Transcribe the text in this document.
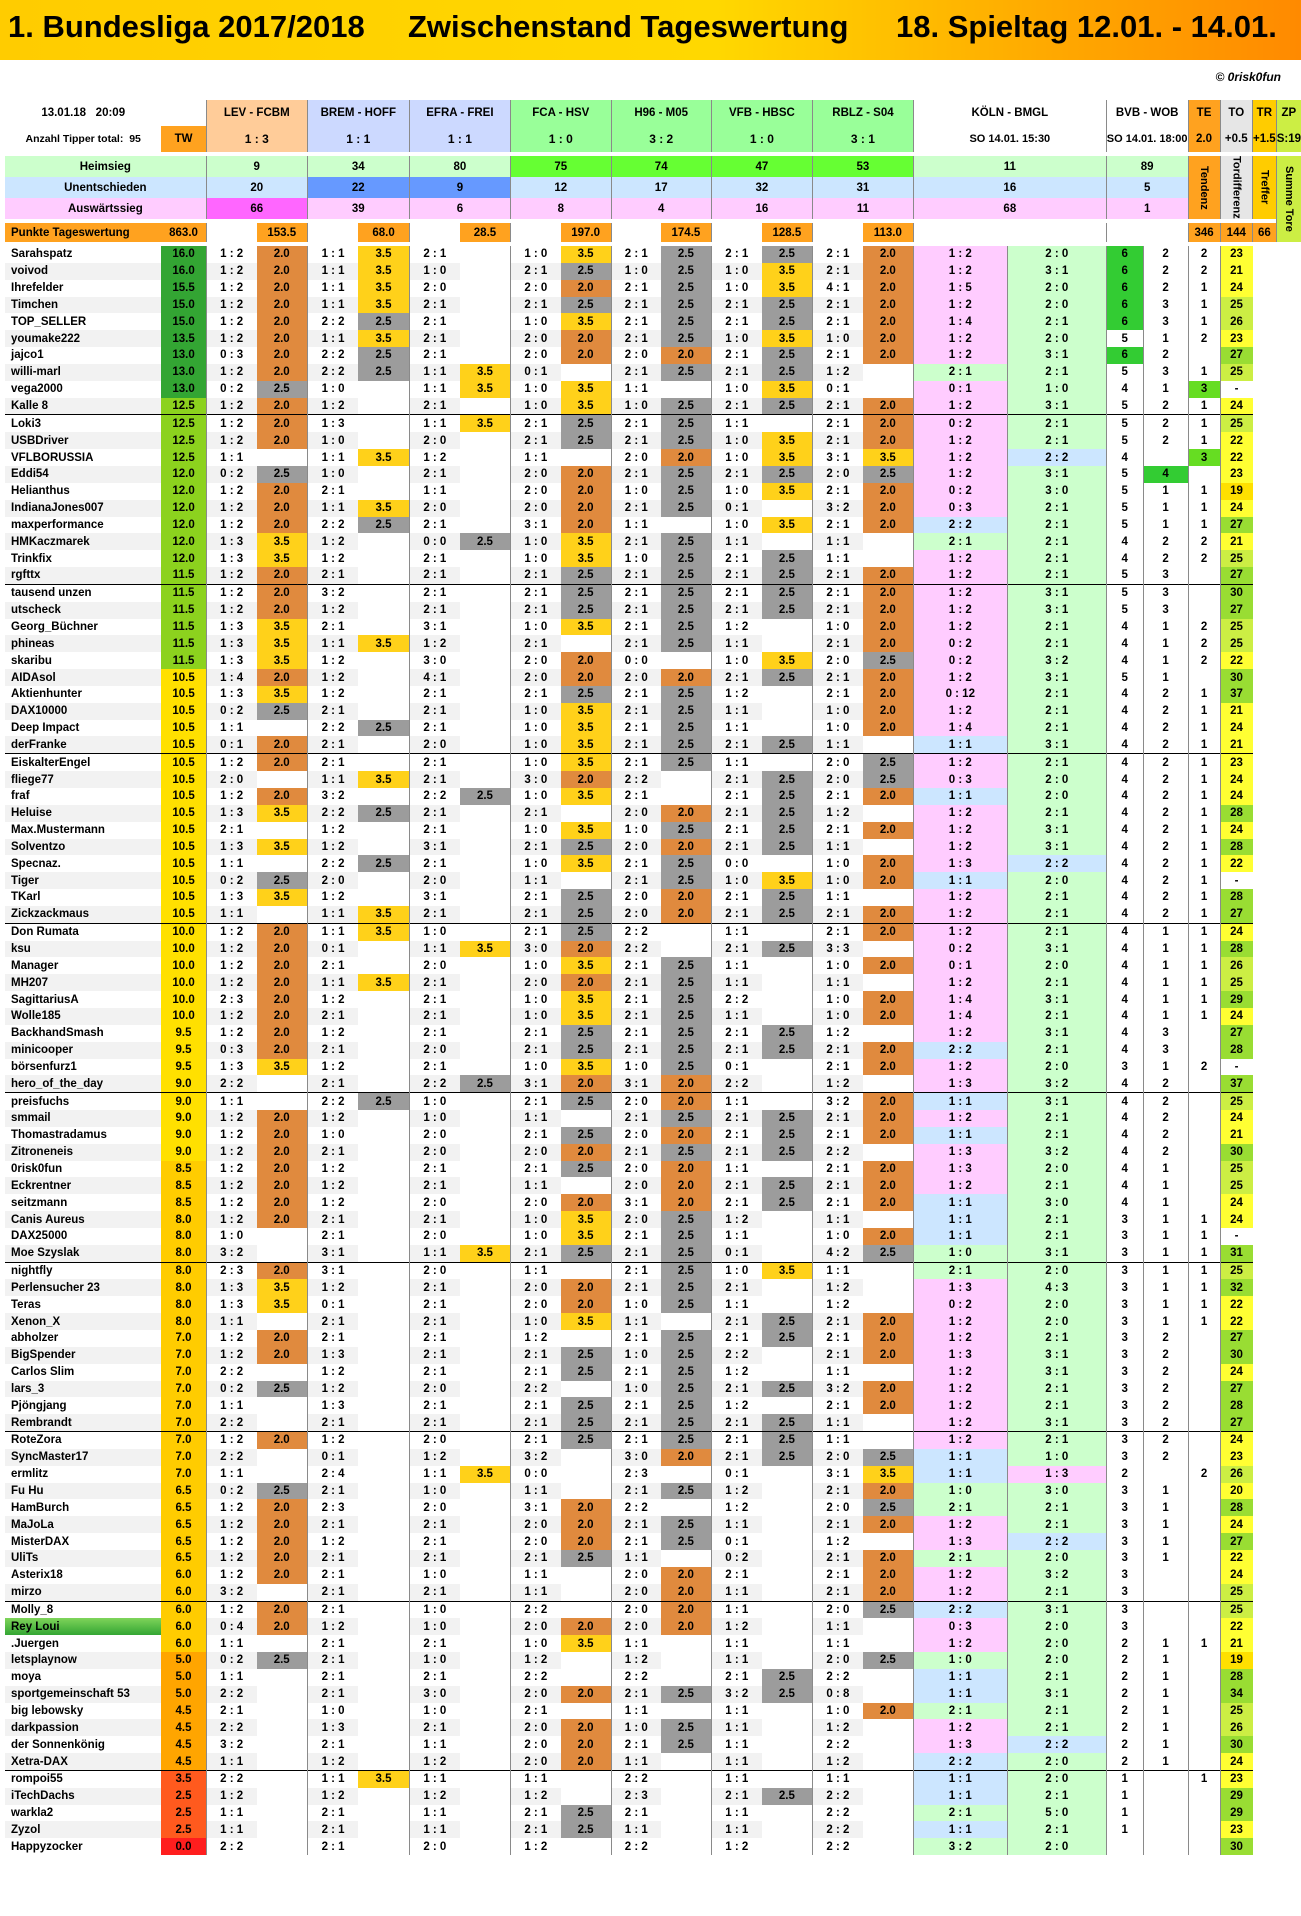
1. Bundesliga 2017/2018 Zwischenstand Tageswertung 18. Spieltag 12.01. - 14.01.
© 0risk0fun
13.01.18 20:09		LEV - FCBM		BREM - HOFF		EFRA - FREI		FCA - HSV		H96 - M05		VFB - HBSC		RBLZ - S04		KÖLN - BMGL		BVB - WOB		TE	TO	TR	ZP
Anzahl Tipper total: 95	TW	1 : 3		1 : 1		1 : 1		1 : 0		3 : 2		1 : 0		3 : 1		SO 14.01. 15:30		SO 14.01. 18:00		2.0	+0.5	+1.5	S:19

Heimsieg		9		34		80		75		74		47		53		11		89		Tendenz	Tordifferenz	Treffer	Summe Tore
Unentschieden		20		22		9		12		17		32		31		16		5					
Auswärtssieg		66		39		6		8		4		16		11		68		1					

Punkte Tageswertung	863.0		153.5		68.0		28.5		197.0		174.5		128.5		113.0					346	144	66	

Sarahspatz	16.0	1 : 2	2.0	1 : 1	3.5	2 : 1		1 : 0	3.5	2 : 1	2.5	2 : 1	2.5	2 : 1	2.0	1 : 2	2 : 0	6	2	2	23		
voivod	16.0	1 : 2	2.0	1 : 1	3.5	1 : 0		2 : 1	2.5	1 : 0	2.5	1 : 0	3.5	2 : 1	2.0	1 : 2	3 : 1	6	2	2	21		
Ihrefelder	15.5	1 : 2	2.0	1 : 1	3.5	2 : 0		2 : 0	2.0	2 : 1	2.5	1 : 0	3.5	4 : 1	2.0	1 : 5	2 : 0	6	2	1	24		
Timchen	15.0	1 : 2	2.0	1 : 1	3.5	2 : 1		2 : 1	2.5	2 : 1	2.5	2 : 1	2.5	2 : 1	2.0	1 : 2	2 : 0	6	3	1	25		
TOP_SELLER	15.0	1 : 2	2.0	2 : 2	2.5	2 : 1		1 : 0	3.5	2 : 1	2.5	2 : 1	2.5	2 : 1	2.0	1 : 4	2 : 1	6	3	1	26		
youmake222	13.5	1 : 2	2.0	1 : 1	3.5	2 : 1		2 : 0	2.0	2 : 1	2.5	1 : 0	3.5	1 : 0	2.0	1 : 2	2 : 0	5	1	2	23		
jajco1	13.0	0 : 3	2.0	2 : 2	2.5	2 : 1		2 : 0	2.0	2 : 0	2.0	2 : 1	2.5	2 : 1	2.0	1 : 2	3 : 1	6	2		27		
willi-marl	13.0	1 : 2	2.0	2 : 2	2.5	1 : 1	3.5	0 : 1		2 : 1	2.5	2 : 1	2.5	1 : 2		2 : 1	2 : 1	5	3	1	25		
vega2000	13.0	0 : 2	2.5	1 : 0		1 : 1	3.5	1 : 0	3.5	1 : 1		1 : 0	3.5	0 : 1		0 : 1	1 : 0	4	1	3	-		
Kalle 8	12.5	1 : 2	2.0	1 : 2		2 : 1		1 : 0	3.5	1 : 0	2.5	2 : 1	2.5	2 : 1	2.0	1 : 2	3 : 1	5	2	1	24		
Loki3	12.5	1 : 2	2.0	1 : 3		1 : 1	3.5	2 : 1	2.5	2 : 1	2.5	1 : 1		2 : 1	2.0	0 : 2	2 : 1	5	2	1	25		
USBDriver	12.5	1 : 2	2.0	1 : 0		2 : 0		2 : 1	2.5	2 : 1	2.5	1 : 0	3.5	2 : 1	2.0	1 : 2	2 : 1	5	2	1	22		
VFLBORUSSIA	12.5	1 : 1		1 : 1	3.5	1 : 2		1 : 1		2 : 0	2.0	1 : 0	3.5	3 : 1	3.5	1 : 2	2 : 2	4		3	22		
Eddi54	12.0	0 : 2	2.5	1 : 0		2 : 1		2 : 0	2.0	2 : 1	2.5	2 : 1	2.5	2 : 0	2.5	1 : 2	3 : 1	5	4		23		
Helianthus	12.0	1 : 2	2.0	2 : 1		1 : 1		2 : 0	2.0	1 : 0	2.5	1 : 0	3.5	2 : 1	2.0	0 : 2	3 : 0	5	1	1	19		
IndianaJones007	12.0	1 : 2	2.0	1 : 1	3.5	2 : 0		2 : 0	2.0	2 : 1	2.5	0 : 1		3 : 2	2.0	0 : 3	2 : 1	5	1	1	24		
maxperformance	12.0	1 : 2	2.0	2 : 2	2.5	2 : 1		3 : 1	2.0	1 : 1		1 : 0	3.5	2 : 1	2.0	2 : 2	2 : 1	5	1	1	27		
HMKaczmarek	12.0	1 : 3	3.5	1 : 2		0 : 0	2.5	1 : 0	3.5	2 : 1	2.5	1 : 1		1 : 1		2 : 1	2 : 1	4	2	2	21		
Trinkfix	12.0	1 : 3	3.5	1 : 2		2 : 1		1 : 0	3.5	1 : 0	2.5	2 : 1	2.5	1 : 1		1 : 2	2 : 1	4	2	2	25		
rgfttx	11.5	1 : 2	2.0	2 : 1		2 : 1		2 : 1	2.5	2 : 1	2.5	2 : 1	2.5	2 : 1	2.0	1 : 2	2 : 1	5	3		27		
tausend unzen	11.5	1 : 2	2.0	3 : 2		2 : 1		2 : 1	2.5	2 : 1	2.5	2 : 1	2.5	2 : 1	2.0	1 : 2	3 : 1	5	3		30		
utscheck	11.5	1 : 2	2.0	1 : 2		2 : 1		2 : 1	2.5	2 : 1	2.5	2 : 1	2.5	2 : 1	2.0	1 : 2	3 : 1	5	3		27		
Georg_Büchner	11.5	1 : 3	3.5	2 : 1		3 : 1		1 : 0	3.5	2 : 1	2.5	1 : 2		1 : 0	2.0	1 : 2	2 : 1	4	1	2	25		
phineas	11.5	1 : 3	3.5	1 : 1	3.5	1 : 2		2 : 1		2 : 1	2.5	1 : 1		2 : 1	2.0	0 : 2	2 : 1	4	1	2	25		
skaribu	11.5	1 : 3	3.5	1 : 2		3 : 0		2 : 0	2.0	0 : 0		1 : 0	3.5	2 : 0	2.5	0 : 2	3 : 2	4	1	2	22		
AIDAsol	10.5	1 : 4	2.0	1 : 2		4 : 1		2 : 0	2.0	2 : 0	2.0	2 : 1	2.5	2 : 1	2.0	1 : 2	3 : 1	5	1		30		
Aktienhunter	10.5	1 : 3	3.5	1 : 2		2 : 1		2 : 1	2.5	2 : 1	2.5	1 : 2		2 : 1	2.0	0 : 12	2 : 1	4	2	1	37		
DAX10000	10.5	0 : 2	2.5	2 : 1		2 : 1		1 : 0	3.5	2 : 1	2.5	1 : 1		1 : 0	2.0	1 : 2	2 : 1	4	2	1	21		
Deep Impact	10.5	1 : 1		2 : 2	2.5	2 : 1		1 : 0	3.5	2 : 1	2.5	1 : 1		1 : 0	2.0	1 : 4	2 : 1	4	2	1	24		
derFranke	10.5	0 : 1	2.0	2 : 1		2 : 0		1 : 0	3.5	2 : 1	2.5	2 : 1	2.5	1 : 1		1 : 1	3 : 1	4	2	1	21		
EiskalterEngel	10.5	1 : 2	2.0	2 : 1		2 : 1		1 : 0	3.5	2 : 1	2.5	1 : 1		2 : 0	2.5	1 : 2	2 : 1	4	2	1	23		
fliege77	10.5	2 : 0		1 : 1	3.5	2 : 1		3 : 0	2.0	2 : 2		2 : 1	2.5	2 : 0	2.5	0 : 3	2 : 0	4	2	1	24		
fraf	10.5	1 : 2	2.0	3 : 2		2 : 2	2.5	1 : 0	3.5	2 : 1		2 : 1	2.5	2 : 1	2.0	1 : 1	2 : 0	4	2	1	24		
Heluise	10.5	1 : 3	3.5	2 : 2	2.5	2 : 1		2 : 1		2 : 0	2.0	2 : 1	2.5	1 : 2		1 : 2	2 : 1	4	2	1	28		
Max.Mustermann	10.5	2 : 1		1 : 2		2 : 1		1 : 0	3.5	1 : 0	2.5	2 : 1	2.5	2 : 1	2.0	1 : 2	3 : 1	4	2	1	24		
Solventzo	10.5	1 : 3	3.5	1 : 2		3 : 1		2 : 1	2.5	2 : 0	2.0	2 : 1	2.5	1 : 1		1 : 2	3 : 1	4	2	1	28		
Specnaz.	10.5	1 : 1		2 : 2	2.5	2 : 1		1 : 0	3.5	2 : 1	2.5	0 : 0		1 : 0	2.0	1 : 3	2 : 2	4	2	1	22		
Tiger	10.5	0 : 2	2.5	2 : 0		2 : 0		1 : 1		2 : 1	2.5	1 : 0	3.5	1 : 0	2.0	1 : 1	2 : 0	4	2	1	-		
TKarl	10.5	1 : 3	3.5	1 : 2		3 : 1		2 : 1	2.5	2 : 0	2.0	2 : 1	2.5	1 : 1		1 : 2	2 : 1	4	2	1	28		
Zickzackmaus	10.5	1 : 1		1 : 1	3.5	2 : 1		2 : 1	2.5	2 : 0	2.0	2 : 1	2.5	2 : 1	2.0	1 : 2	2 : 1	4	2	1	27		
Don Rumata	10.0	1 : 2	2.0	1 : 1	3.5	1 : 0		2 : 1	2.5	2 : 2		1 : 1		2 : 1	2.0	1 : 2	2 : 1	4	1	1	24		
ksu	10.0	1 : 2	2.0	0 : 1		1 : 1	3.5	3 : 0	2.0	2 : 2		2 : 1	2.5	3 : 3		0 : 2	3 : 1	4	1	1	28		
Manager	10.0	1 : 2	2.0	2 : 1		2 : 0		1 : 0	3.5	2 : 1	2.5	1 : 1		1 : 0	2.0	0 : 1	2 : 0	4	1	1	26		
MH207	10.0	1 : 2	2.0	1 : 1	3.5	2 : 1		2 : 0	2.0	2 : 1	2.5	1 : 1		1 : 1		1 : 2	2 : 1	4	1	1	25		
SagittariusA	10.0	2 : 3	2.0	1 : 2		2 : 1		1 : 0	3.5	2 : 1	2.5	2 : 2		1 : 0	2.0	1 : 4	3 : 1	4	1	1	29		
Wolle185	10.0	1 : 2	2.0	2 : 1		2 : 1		1 : 0	3.5	2 : 1	2.5	1 : 1		1 : 0	2.0	1 : 4	2 : 1	4	1	1	24		
BackhandSmash	9.5	1 : 2	2.0	1 : 2		2 : 1		2 : 1	2.5	2 : 1	2.5	2 : 1	2.5	1 : 2		1 : 2	3 : 1	4	3		27		
minicooper	9.5	0 : 3	2.0	2 : 1		2 : 0		2 : 1	2.5	2 : 1	2.5	2 : 1	2.5	2 : 1	2.0	2 : 2	2 : 1	4	3		28		
börsenfurz1	9.5	1 : 3	3.5	1 : 2		2 : 1		1 : 0	3.5	1 : 0	2.5	0 : 1		2 : 1	2.0	1 : 2	2 : 0	3	1	2	-		
hero_of_the_day	9.0	2 : 2		2 : 1		2 : 2	2.5	3 : 1	2.0	3 : 1	2.0	2 : 2		1 : 2		1 : 3	3 : 2	4	2		37		
preisfuchs	9.0	1 : 1		2 : 2	2.5	1 : 0		2 : 1	2.5	2 : 0	2.0	1 : 1		3 : 2	2.0	1 : 1	3 : 1	4	2		25		
smmail	9.0	1 : 2	2.0	1 : 2		1 : 0		1 : 1		2 : 1	2.5	2 : 1	2.5	2 : 1	2.0	1 : 2	2 : 1	4	2		24		
Thomastradamus	9.0	1 : 2	2.0	1 : 0		2 : 0		2 : 1	2.5	2 : 0	2.0	2 : 1	2.5	2 : 1	2.0	1 : 1	2 : 1	4	2		21		
Zitroneneis	9.0	1 : 2	2.0	2 : 1		2 : 0		2 : 0	2.0	2 : 1	2.5	2 : 1	2.5	2 : 2		1 : 3	3 : 2	4	2		30		
0risk0fun	8.5	1 : 2	2.0	1 : 2		2 : 1		2 : 1	2.5	2 : 0	2.0	1 : 1		2 : 1	2.0	1 : 3	2 : 0	4	1		25		
Eckrentner	8.5	1 : 2	2.0	1 : 2		2 : 1		1 : 1		2 : 0	2.0	2 : 1	2.5	2 : 1	2.0	1 : 2	2 : 1	4	1		25		
seitzmann	8.5	1 : 2	2.0	1 : 2		2 : 0		2 : 0	2.0	3 : 1	2.0	2 : 1	2.5	2 : 1	2.0	1 : 1	3 : 0	4	1		24		
Canis Aureus	8.0	1 : 2	2.0	2 : 1		2 : 1		1 : 0	3.5	2 : 0	2.5	1 : 2		1 : 1		1 : 1	2 : 1	3	1	1	24		
DAX25000	8.0	1 : 0		2 : 1		2 : 0		1 : 0	3.5	2 : 1	2.5	1 : 1		1 : 0	2.0	1 : 1	2 : 1	3	1	1	-		
Moe Szyslak	8.0	3 : 2		3 : 1		1 : 1	3.5	2 : 1	2.5	2 : 1	2.5	0 : 1		4 : 2	2.5	1 : 0	3 : 1	3	1	1	31		
nightfly	8.0	2 : 3	2.0	3 : 1		2 : 0		1 : 1		2 : 1	2.5	1 : 0	3.5	1 : 1		2 : 1	2 : 0	3	1	1	25		
Perlensucher 23	8.0	1 : 3	3.5	1 : 2		2 : 1		2 : 0	2.0	2 : 1	2.5	2 : 1		1 : 2		1 : 3	4 : 3	3	1	1	32		
Teras	8.0	1 : 3	3.5	0 : 1		2 : 1		2 : 0	2.0	1 : 0	2.5	1 : 1		1 : 2		0 : 2	2 : 0	3	1	1	22		
Xenon_X	8.0	1 : 1		2 : 1		2 : 1		1 : 0	3.5	1 : 1		2 : 1	2.5	2 : 1	2.0	1 : 2	2 : 0	3	1	1	22		
abholzer	7.0	1 : 2	2.0	2 : 1		2 : 1		1 : 2		2 : 1	2.5	2 : 1	2.5	2 : 1	2.0	1 : 2	2 : 1	3	2		27		
BigSpender	7.0	1 : 2	2.0	1 : 3		2 : 1		2 : 1	2.5	1 : 0	2.5	2 : 2		2 : 1	2.0	1 : 3	3 : 1	3	2		30		
Carlos Slim	7.0	2 : 2		1 : 2		2 : 1		2 : 1	2.5	2 : 1	2.5	1 : 2		1 : 1		1 : 2	3 : 1	3	2		24		
lars_3	7.0	0 : 2	2.5	1 : 2		2 : 0		2 : 2		1 : 0	2.5	2 : 1	2.5	3 : 2	2.0	1 : 2	2 : 1	3	2		27		
Pjöngjang	7.0	1 : 1		1 : 3		2 : 1		2 : 1	2.5	2 : 1	2.5	1 : 2		2 : 1	2.0	1 : 2	2 : 1	3	2		28		
Rembrandt	7.0	2 : 2		2 : 1		2 : 1		2 : 1	2.5	2 : 1	2.5	2 : 1	2.5	1 : 1		1 : 2	3 : 1	3	2		27		
RoteZora	7.0	1 : 2	2.0	1 : 2		2 : 0		2 : 1	2.5	2 : 1	2.5	2 : 1	2.5	1 : 1		1 : 2	2 : 1	3	2		24		
SyncMaster17	7.0	2 : 2		0 : 1		1 : 2		3 : 2		3 : 0	2.0	2 : 1	2.5	2 : 0	2.5	1 : 1	1 : 0	3	2		23		
ermlitz	7.0	1 : 1		2 : 4		1 : 1	3.5	0 : 0		2 : 3		0 : 1		3 : 1	3.5	1 : 1	1 : 3	2		2	26		
Fu Hu	6.5	0 : 2	2.5	2 : 1		1 : 0		1 : 1		2 : 1	2.5	1 : 2		2 : 1	2.0	1 : 0	3 : 0	3	1		20		
HamBurch	6.5	1 : 2	2.0	2 : 3		2 : 0		3 : 1	2.0	2 : 2		1 : 2		2 : 0	2.5	2 : 1	2 : 1	3	1		28		
MaJoLa	6.5	1 : 2	2.0	2 : 1		2 : 1		2 : 0	2.0	2 : 1	2.5	1 : 1		2 : 1	2.0	1 : 2	2 : 1	3	1		24		
MisterDAX	6.5	1 : 2	2.0	1 : 2		2 : 1		2 : 0	2.0	2 : 1	2.5	0 : 1		1 : 2		1 : 3	2 : 2	3	1		27		
UliTs	6.5	1 : 2	2.0	2 : 1		2 : 1		2 : 1	2.5	1 : 1		0 : 2		2 : 1	2.0	2 : 1	2 : 0	3	1		22		
Asterix18	6.0	1 : 2	2.0	2 : 1		1 : 0		1 : 1		2 : 0	2.0	2 : 1		2 : 1	2.0	1 : 2	3 : 2	3			24		
mirzo	6.0	3 : 2		2 : 1		2 : 1		1 : 1		2 : 0	2.0	1 : 1		2 : 1	2.0	1 : 2	2 : 1	3			25		
Molly_8	6.0	1 : 2	2.0	2 : 1		1 : 0		2 : 2		2 : 0	2.0	1 : 1		2 : 0	2.5	2 : 2	3 : 1	3			25		
Rey Loui	6.0	0 : 4	2.0	1 : 2		1 : 0		2 : 0	2.0	2 : 0	2.0	1 : 2		1 : 1		0 : 3	2 : 0	3			22		
.Juergen	6.0	1 : 1		2 : 1		2 : 1		1 : 0	3.5	1 : 1		1 : 1		1 : 1		1 : 2	2 : 0	2	1	1	21		
letsplaynow	5.0	0 : 2	2.5	2 : 1		1 : 0		1 : 2		1 : 2		1 : 1		2 : 0	2.5	1 : 0	2 : 0	2	1		19		
moya	5.0	1 : 1		2 : 1		2 : 1		2 : 2		2 : 2		2 : 1	2.5	2 : 2		1 : 1	2 : 1	2	1		28		
sportgemeinschaft 53	5.0	2 : 2		2 : 1		3 : 0		2 : 0	2.0	2 : 1	2.5	3 : 2	2.5	0 : 8		1 : 1	3 : 1	2	1		34		
big lebowsky	4.5	2 : 1		1 : 0		1 : 0		2 : 1		1 : 1		1 : 1		1 : 0	2.0	2 : 1	2 : 1	2	1		25		
darkpassion	4.5	2 : 2		1 : 3		2 : 1		2 : 0	2.0	1 : 0	2.5	1 : 1		1 : 2		1 : 2	2 : 1	2	1		26		
der Sonnenkönig	4.5	3 : 2		2 : 1		1 : 1		2 : 0	2.0	2 : 1	2.5	1 : 1		2 : 2		1 : 3	2 : 2	2	1		30		
Xetra-DAX	4.5	1 : 1		1 : 2		1 : 2		2 : 0	2.0	1 : 1		1 : 1		1 : 2		2 : 2	2 : 0	2	1		24		
rompoi55	3.5	2 : 2		1 : 1	3.5	1 : 1		1 : 1		2 : 2		1 : 1		1 : 1		1 : 1	2 : 0	1		1	23		
iTechDachs	2.5	1 : 2		1 : 2		1 : 2		1 : 2		2 : 3		2 : 1	2.5	2 : 2		1 : 1	2 : 1	1			29		
warkla2	2.5	1 : 1		2 : 1		1 : 1		2 : 1	2.5	2 : 1		1 : 1		2 : 2		2 : 1	5 : 0	1			29		
Zyzol	2.5	1 : 1		2 : 1		1 : 1		2 : 1	2.5	1 : 1		1 : 1		2 : 2		1 : 1	2 : 1	1			23		
Happyzocker	0.0	2 : 2		2 : 1		2 : 0		1 : 2		2 : 2		1 : 2		2 : 2		3 : 2	2 : 0				30		
